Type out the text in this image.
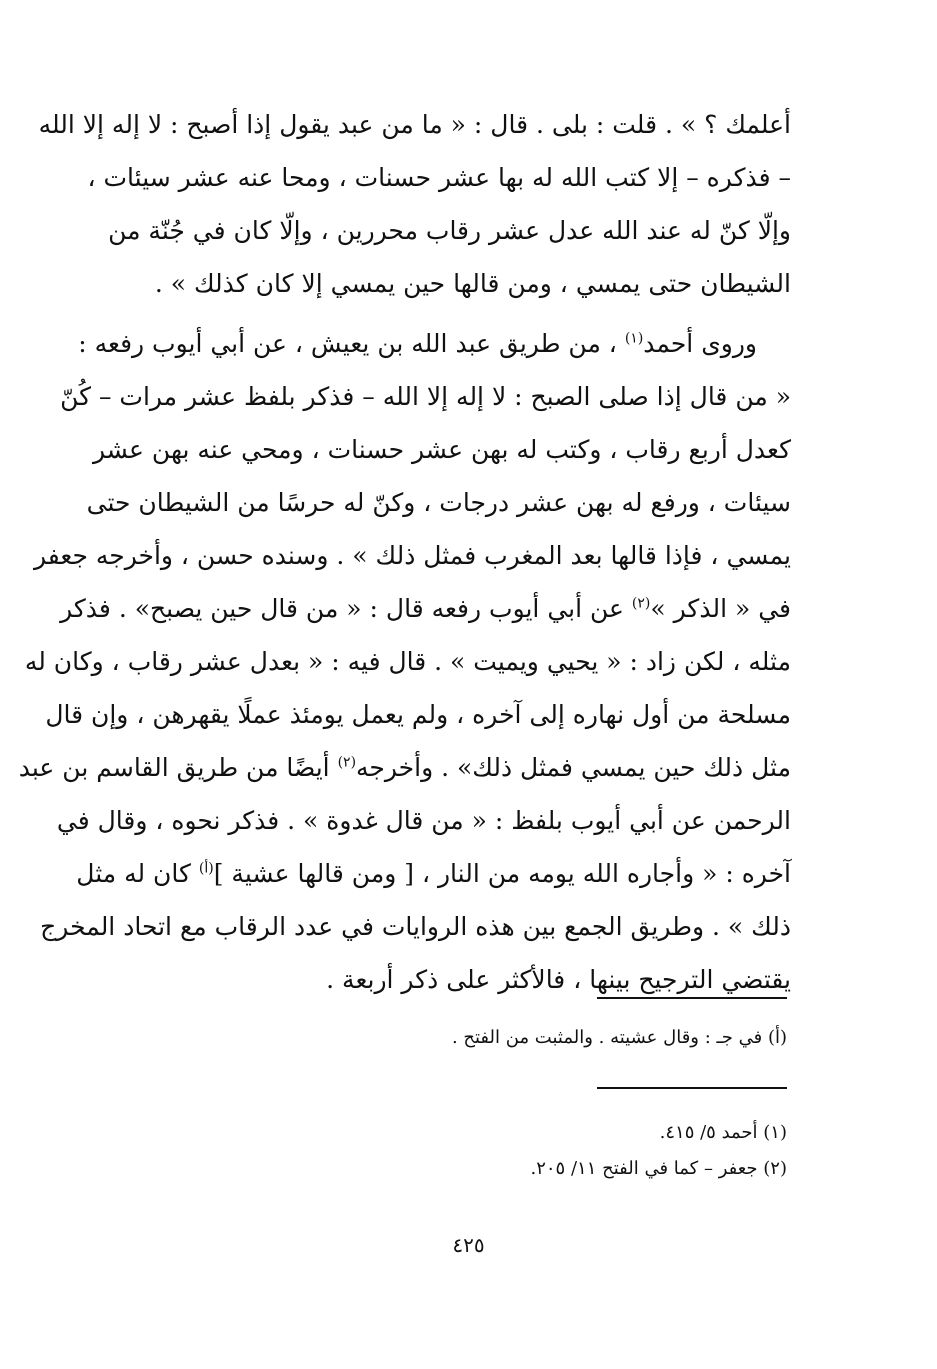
أعلمك ؟ » . قلت : بلى . قال : « ما من عبد يقول إذا أصبح : لا إله إلا الله
– فذكره – إلا كتب الله له بها عشر حسنات ، ومحا عنه عشر سيئات ،
وإلّا كنّ له عند الله عدل عشر رقاب محررين ، وإلّا كان في جُنّة من
الشيطان حتى يمسي ، ومن قالها حين يمسي إلا كان كذلك » .
وروى أحمد$^{(١)}$ ، من طريق عبد الله بن يعيش ، عن أبي أيوب رفعه :
« من قال إذا صلى الصبح : لا إله إلا الله – فذكر بلفظ عشر مرات – كُنّ
كعدل أربع رقاب ، وكتب له بهن عشر حسنات ، ومحي عنه بهن عشر
سيئات ، ورفع له بهن عشر درجات ، وكنّ له حرسًا من الشيطان حتى
يمسي ، فإذا قالها بعد المغرب فمثل ذلك » . وسنده حسن ، وأخرجه جعفر
في « الذكر »$^{(٢)}$ عن أبي أيوب رفعه قال : « من قال حين يصبح» . فذكر
مثله ، لكن زاد : « يحيي ويميت » . قال فيه : « بعدل عشر رقاب ، وكان له
مسلحة من أول نهاره إلى آخره ، ولم يعمل يومئذ عملًا يقهرهن ، وإن قال
مثل ذلك حين يمسي فمثل ذلك» . وأخرجه$^{(٢)}$ أيضًا من طريق القاسم بن عبد
الرحمن عن أبي أيوب بلفظ : « من قال غدوة » . فذكر نحوه ، وقال في
آخره : « وأجاره الله يومه من النار ، [ ومن قالها عشية ]$^{(أ)}$ كان له مثل
ذلك » . وطريق الجمع بين هذه الروايات في عدد الرقاب مع اتحاد المخرج
يقتضي الترجيح بينها ، فالأكثر على ذكر أربعة .
(أ) في جـ : وقال عشيته . والمثبت من الفتح .
(١) أحمد ٥/ ٤١٥.
(٢) جعفر – كما في الفتح ١١/ ٢٠٥.
٤٢٥
